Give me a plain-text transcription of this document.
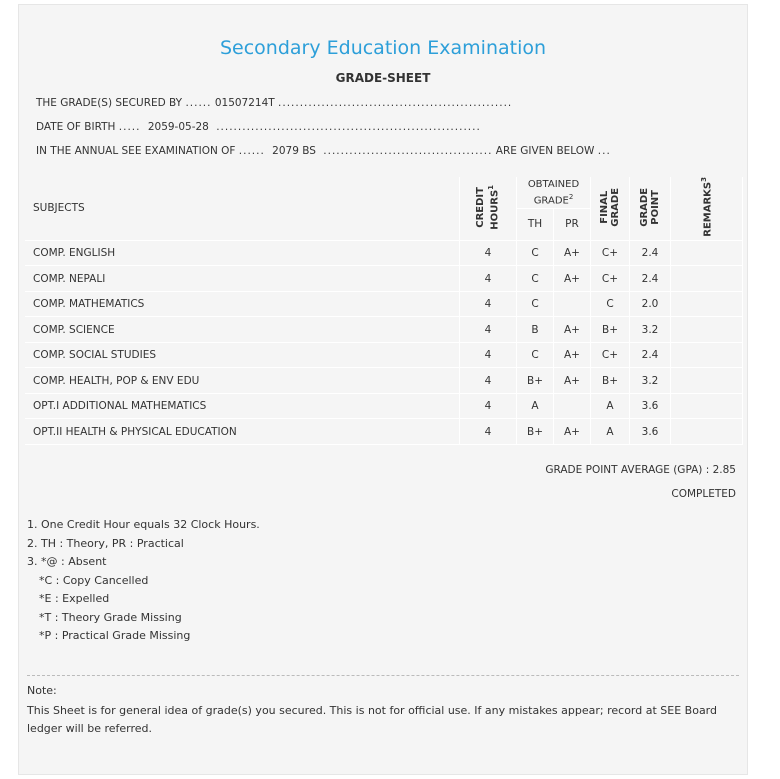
Secondary Education Examination
GRADE-SHEET
THE GRADE(S) SECURED BY ...... 01507214T ......................................................
DATE OF BIRTH ..... 2059-05-28 .............................................................
IN THE ANNUAL SEE EXAMINATION OF ...... 2079 BS ....................................... ARE GIVEN BELOW ...
SUBJECTS	CREDIT HOURS$^1$	OBTAINED GRADE$^2$		FINAL GRADE	GRADE POINT	REMARKS$^3$
		TH	PR			
COMP. ENGLISH	4	C	A+	C+	2.4	
COMP. NEPALI	4	C	A+	C+	2.4	
COMP. MATHEMATICS	4	C		C	2.0	
COMP. SCIENCE	4	B	A+	B+	3.2	
COMP. SOCIAL STUDIES	4	C	A+	C+	2.4	
COMP. HEALTH, POP & ENV EDU	4	B+	A+	B+	3.2	
OPT.I ADDITIONAL MATHEMATICS	4	A		A	3.6	
OPT.II HEALTH & PHYSICAL EDUCATION	4	B+	A+	A	3.6	
GRADE POINT AVERAGE (GPA) : 2.85
COMPLETED
1. One Credit Hour equals 32 Clock Hours.
2. TH : Theory, PR : Practical
3. *@ : Absent
*C : Copy Cancelled
*E : Expelled
*T : Theory Grade Missing
*P : Practical Grade Missing
Note:
This Sheet is for general idea of grade(s) you secured. This is not for official use. If any mistakes appear; record at SEE Board ledger will be referred.
